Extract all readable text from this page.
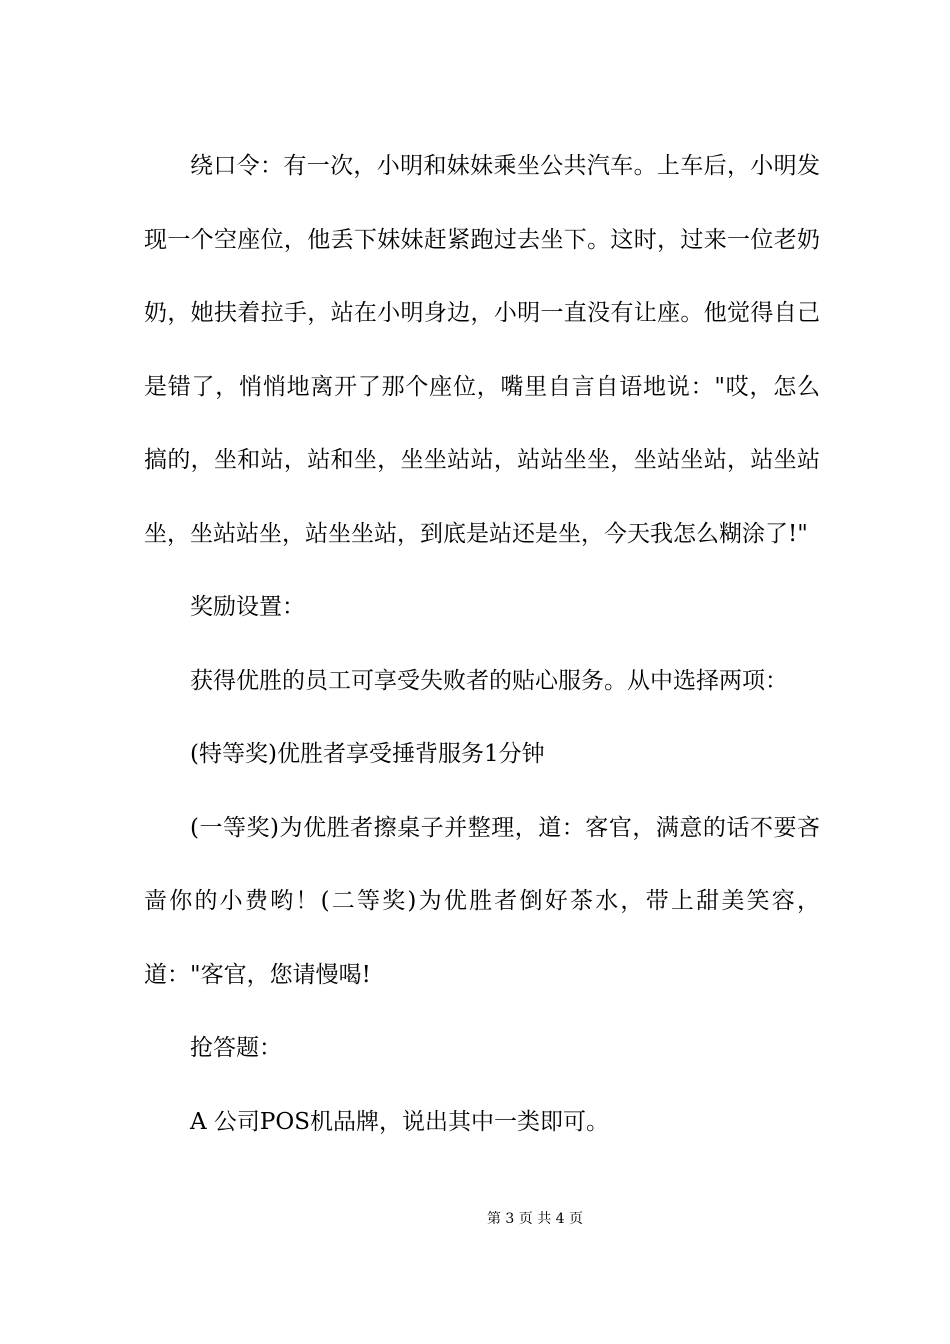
绕口令：有一次，小明和妹妹乘坐公共汽车。上车后，小明发现一个空座位，他丢下妹妹赶紧跑过去坐下。这时，过来一位老奶奶，她扶着拉手，站在小明身边，小明一直没有让座。他觉得自己是错了，悄悄地离开了那个座位，嘴里自言自语地说："哎，怎么搞的，坐和站，站和坐，坐坐站站，站站坐坐，坐站坐站，站坐站坐，坐站站坐，站坐坐站，到底是站还是坐，今天我怎么糊涂了!"

奖励设置：

获得优胜的员工可享受失败者的贴心服务。从中选择两项：

(特等奖)优胜者享受捶背服务1分钟

(一等奖)为优胜者擦桌子并整理，道：客官，满意的话不要吝啬你的小费哟！(二等奖)为优胜者倒好茶水，带上甜美笑容，道："客官，您请慢喝!

抢答题：

A 公司POS机品牌，说出其中一类即可。

第 3 页 共 4 页
